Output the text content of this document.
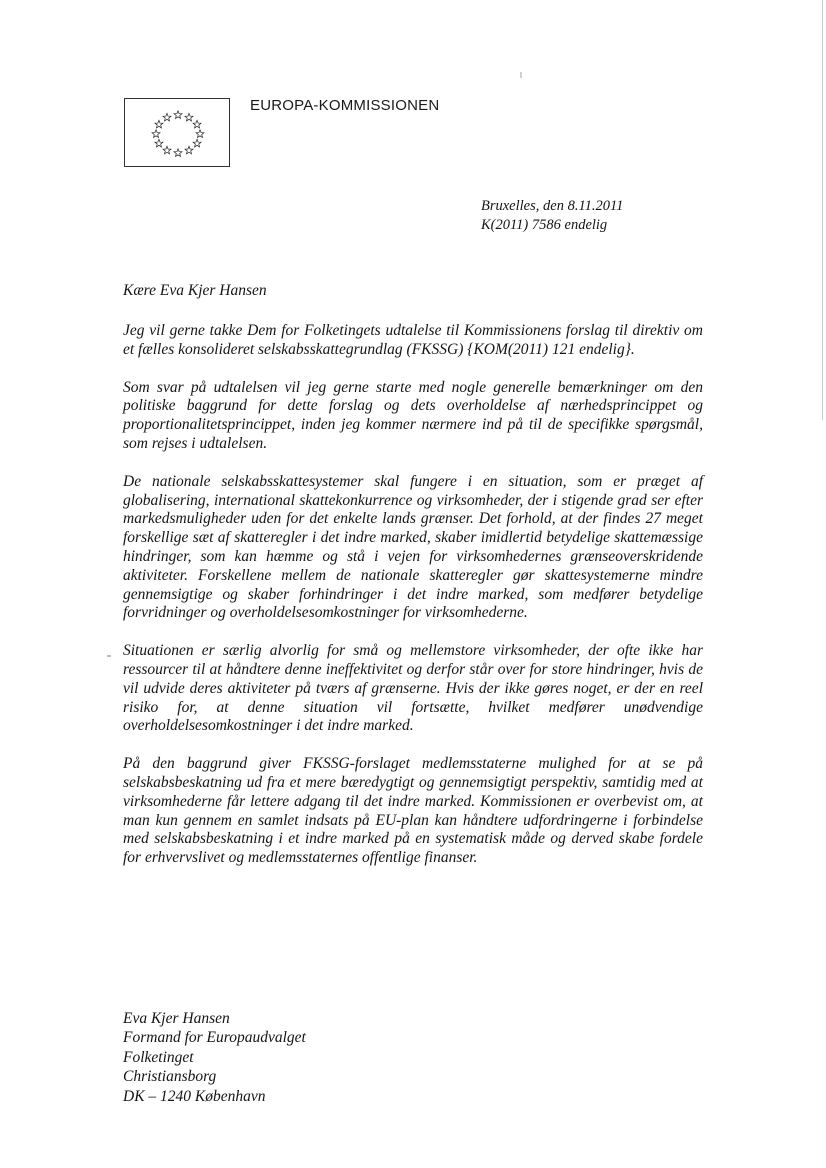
EUROPA-KOMMISSIONEN
Bruxelles, den 8.11.2011
K(2011) 7586 endelig
Kære Eva Kjer Hansen

Jeg vil gerne takke Dem for Folketingets udtalelse til Kommissionens forslag til direktiv om et fælles konsolideret selskabsskattegrundlag (FKSSG) {KOM(2011) 121 endelig}.

Som svar på udtalelsen vil jeg gerne starte med nogle generelle bemærkninger om den politiske baggrund for dette forslag og dets overholdelse af nærhedsprincippet og proportionalitetsprincippet, inden jeg kommer nærmere ind på til de specifikke spørgsmål, som rejses i udtalelsen.

De nationale selskabsskattesystemer skal fungere i en situation, som er præget af globalisering, international skattekonkurrence og virksomheder, der i stigende grad ser efter markedsmuligheder uden for det enkelte lands grænser. Det forhold, at der findes 27 meget forskellige sæt af skatteregler i det indre marked, skaber imidlertid betydelige skattemæssige hindringer, som kan hæmme og stå i vejen for virksomhedernes grænseoverskridende aktiviteter. Forskellene mellem de nationale skatteregler gør skattesystemerne mindre gennemsigtige og skaber forhindringer i det indre marked, som medfører betydelige forvridninger og overholdelsesomkostninger for virksomhederne.

Situationen er særlig alvorlig for små og mellemstore virksomheder, der ofte ikke har ressourcer til at håndtere denne ineffektivitet og derfor står over for store hindringer, hvis de vil udvide deres aktiviteter på tværs af grænserne. Hvis der ikke gøres noget, er der en reel risiko for, at denne situation vil fortsætte, hvilket medfører unødvendige overholdelsesomkostninger i det indre marked.

På den baggrund giver FKSSG-forslaget medlemsstaterne mulighed for at se på selskabsbeskatning ud fra et mere bæredygtigt og gennemsigtigt perspektiv, samtidig med at virksomhederne får lettere adgang til det indre marked. Kommissionen er overbevist om, at man kun gennem en samlet indsats på EU-plan kan håndtere udfordringerne i forbindelse med selskabsbeskatning i et indre marked på en systematisk måde og derved skabe fordele for erhvervslivet og medlemsstaternes offentlige finanser.

Eva Kjer Hansen
Formand for Europaudvalget
Folketinget
Christiansborg
DK – 1240 København
